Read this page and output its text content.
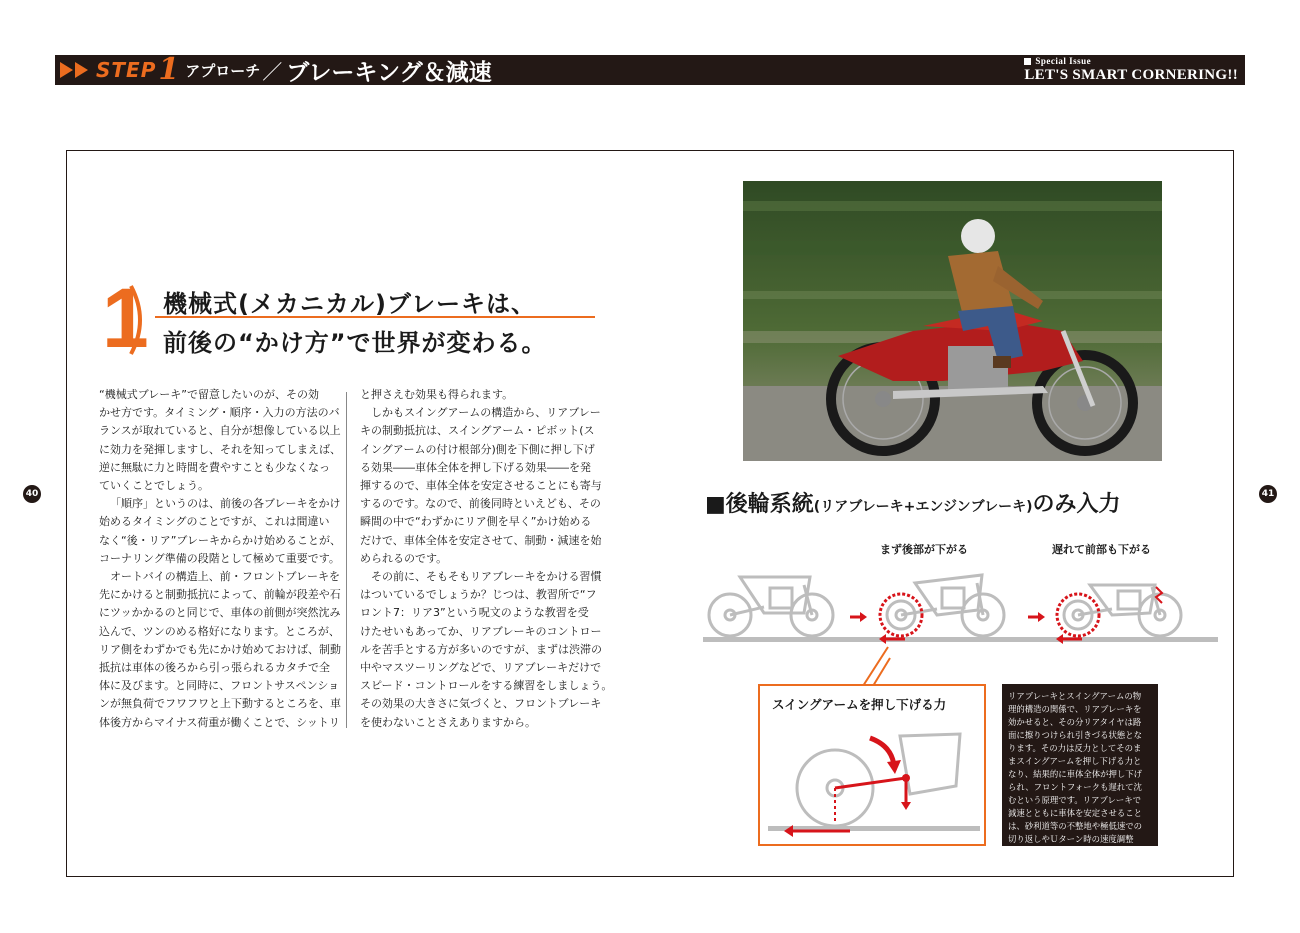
STEP 1 アプローチ ／ ブレーキング＆減速	Special Issue
LET'S SMART CORNERING!!
40	41
1 機械式(メカニカル)ブレーキは、
前後の“かけ方”で世界が変わる。

“機械式ブレーキ”で留意したいのが、その効

かせ方です。タイミング・順序・入力の方法のバ

ランスが取れていると、自分が想像している以上

に効力を発揮しますし、それを知ってしまえば、

逆に無駄に力と時間を費やすことも少なくなっ

ていくことでしょう。

「順序」というのは、前後の各ブレーキをかけ

始めるタイミングのことですが、これは間違い

なく“後・リア”ブレーキからかけ始めることが、

コーナリング準備の段階として極めて重要です。

オートバイの構造上、前・フロントブレーキを

先にかけると制動抵抗によって、前輪が段差や石

にツッかかるのと同じで、車体の前側が突然沈み

込んで、ツンのめる格好になります。ところが、

リア側をわずかでも先にかけ始めておけば、制動

抵抗は車体の後ろから引っ張られるカタチで全

体に及びます。と同時に、フロントサスペンショ

ンが無負荷でフワフワと上下動するところを、車

体後方からマイナス荷重が働くことで、シットリ

と押さえむ効果も得られます。

しかもスイングアームの構造から、リアブレー

キの制動抵抗は、スイングアーム・ピボット(ス

イングアームの付け根部分)側を下側に押し下げ

る効果――車体全体を押し下げる効果――を発

揮するので、車体全体を安定させることにも寄与

するのです。なので、前後同時といえども、その

瞬間の中で“わずかにリア側を早く”かけ始める

だけで、車体全体を安定させて、制動・減速を始

められるのです。

その前に、そもそもリアブレーキをかける習慣

はついているでしょうか？じつは、教習所で“フ

ロント7：リア3”という呪文のような教習を受

けたせいもあってか、リアブレーキのコントロー

ルを苦手とする方が多いのですが、まずは渋滞の

中やマスツーリングなどで、リアブレーキだけで

スピード・コントロールをする練習をしましょう。

その効果の大きさに気づくと、フロントブレーキ

を使わないことさえありますから。

■後輪系統(リアブレーキ+エンジンブレーキ)のみ入力
まず後部が下がる	遅れて前部も下がる
スイングアームを押し下げる力

リアブレーキとスイングアームの物

理的構造の関係で、リアブレーキを

効かせると、その分リアタイヤは路

面に擦りつけられ引きづる状態とな

ります。その力は反力としてそのま

まスイングアームを押し下げる力と

なり、結果的に車体全体が押し下げ

られ、フロントフォークも遅れて沈

むという原理です。リアブレーキで

減速とともに車体を安定させること

は、砂利道等の不整地や極低速での

切り返しやＵターン時の速度調整

等でも非常に有効です。
